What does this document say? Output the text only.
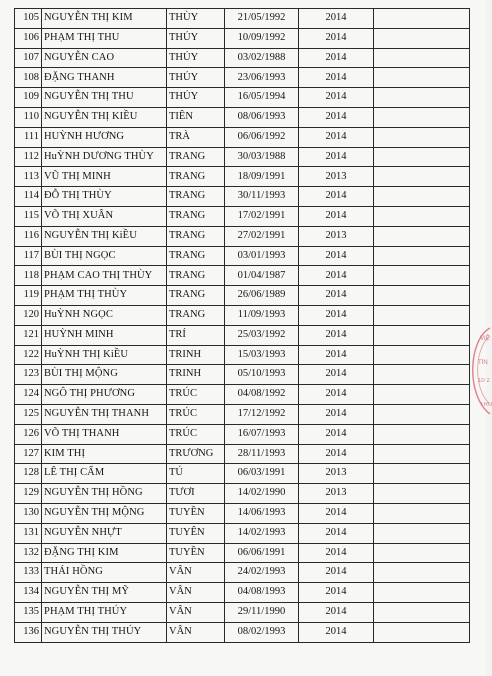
105	NGUYỄN THỊ KIM	THÙY	21/05/1992	2014	
106	PHẠM THỊ THU	THỦY	10/09/1992	2014	
107	NGUYỄN CAO	THỦY	03/02/1988	2014	
108	ĐẶNG THANH	THỦY	23/06/1993	2014	
109	NGUYỄN THỊ THU	THỦY	16/05/1994	2014	
110	NGUYỄN THỊ KIỀU	TIÊN	08/06/1993	2014	
111	HUỲNH HƯƠNG	TRÀ	06/06/1992	2014	
112	HuỲNH DƯƠNG THÙY	TRANG	30/03/1988	2014	
113	VŨ THỊ MINH	TRANG	18/09/1991	2013	
114	ĐỖ THỊ THÙY	TRANG	30/11/1993	2014	
115	VÕ THỊ XUÂN	TRANG	17/02/1991	2014	
116	NGUYỄN THỊ KiỀU	TRANG	27/02/1991	2013	
117	BÙI THỊ NGỌC	TRANG	03/01/1993	2014	
118	PHẠM CAO THỊ THÙY	TRANG	01/04/1987	2014	
119	PHẠM THỊ THÙY	TRANG	26/06/1989	2014	
120	HuỲNH NGỌC	TRANG	11/09/1993	2014	
121	HUỲNH MINH	TRÍ	25/03/1992	2014	
122	HuỲNH THỊ KiỀU	TRINH	15/03/1993	2014	
123	BÙI THỊ MỘNG	TRINH	05/10/1993	2014	
124	NGÔ THỊ PHƯƠNG	TRÚC	04/08/1992	2014	
125	NGUYỄN THỊ THANH	TRÚC	17/12/1992	2014	
126	VÕ THỊ THANH	TRÚC	16/07/1993	2014	
127	KIM THỊ	TRƯƠNG	28/11/1993	2014	
128	LÊ THỊ CẨM	TÚ	06/03/1991	2013	
129	NGUYỄN THỊ HỒNG	TƯƠI	14/02/1990	2013	
130	NGUYỄN THỊ MỘNG	TUYỀN	14/06/1993	2014	
131	NGUYỄN NHỰT	TUYÊN	14/02/1993	2014	
132	ĐẶNG THỊ KIM	TUYỀN	06/06/1991	2014	
133	THÁI HỒNG	VÂN	24/02/1993	2014	
134	NGUYỄN THỊ MỸ	VÂN	04/08/1993	2014	
135	PHẠM THỊ THÚY	VÂN	29/11/1990	2014	
136	NGUYỄN THỊ THÚY	VÂN	08/02/1993	2014	
VIỆ
TỈN
10 2
TRU
